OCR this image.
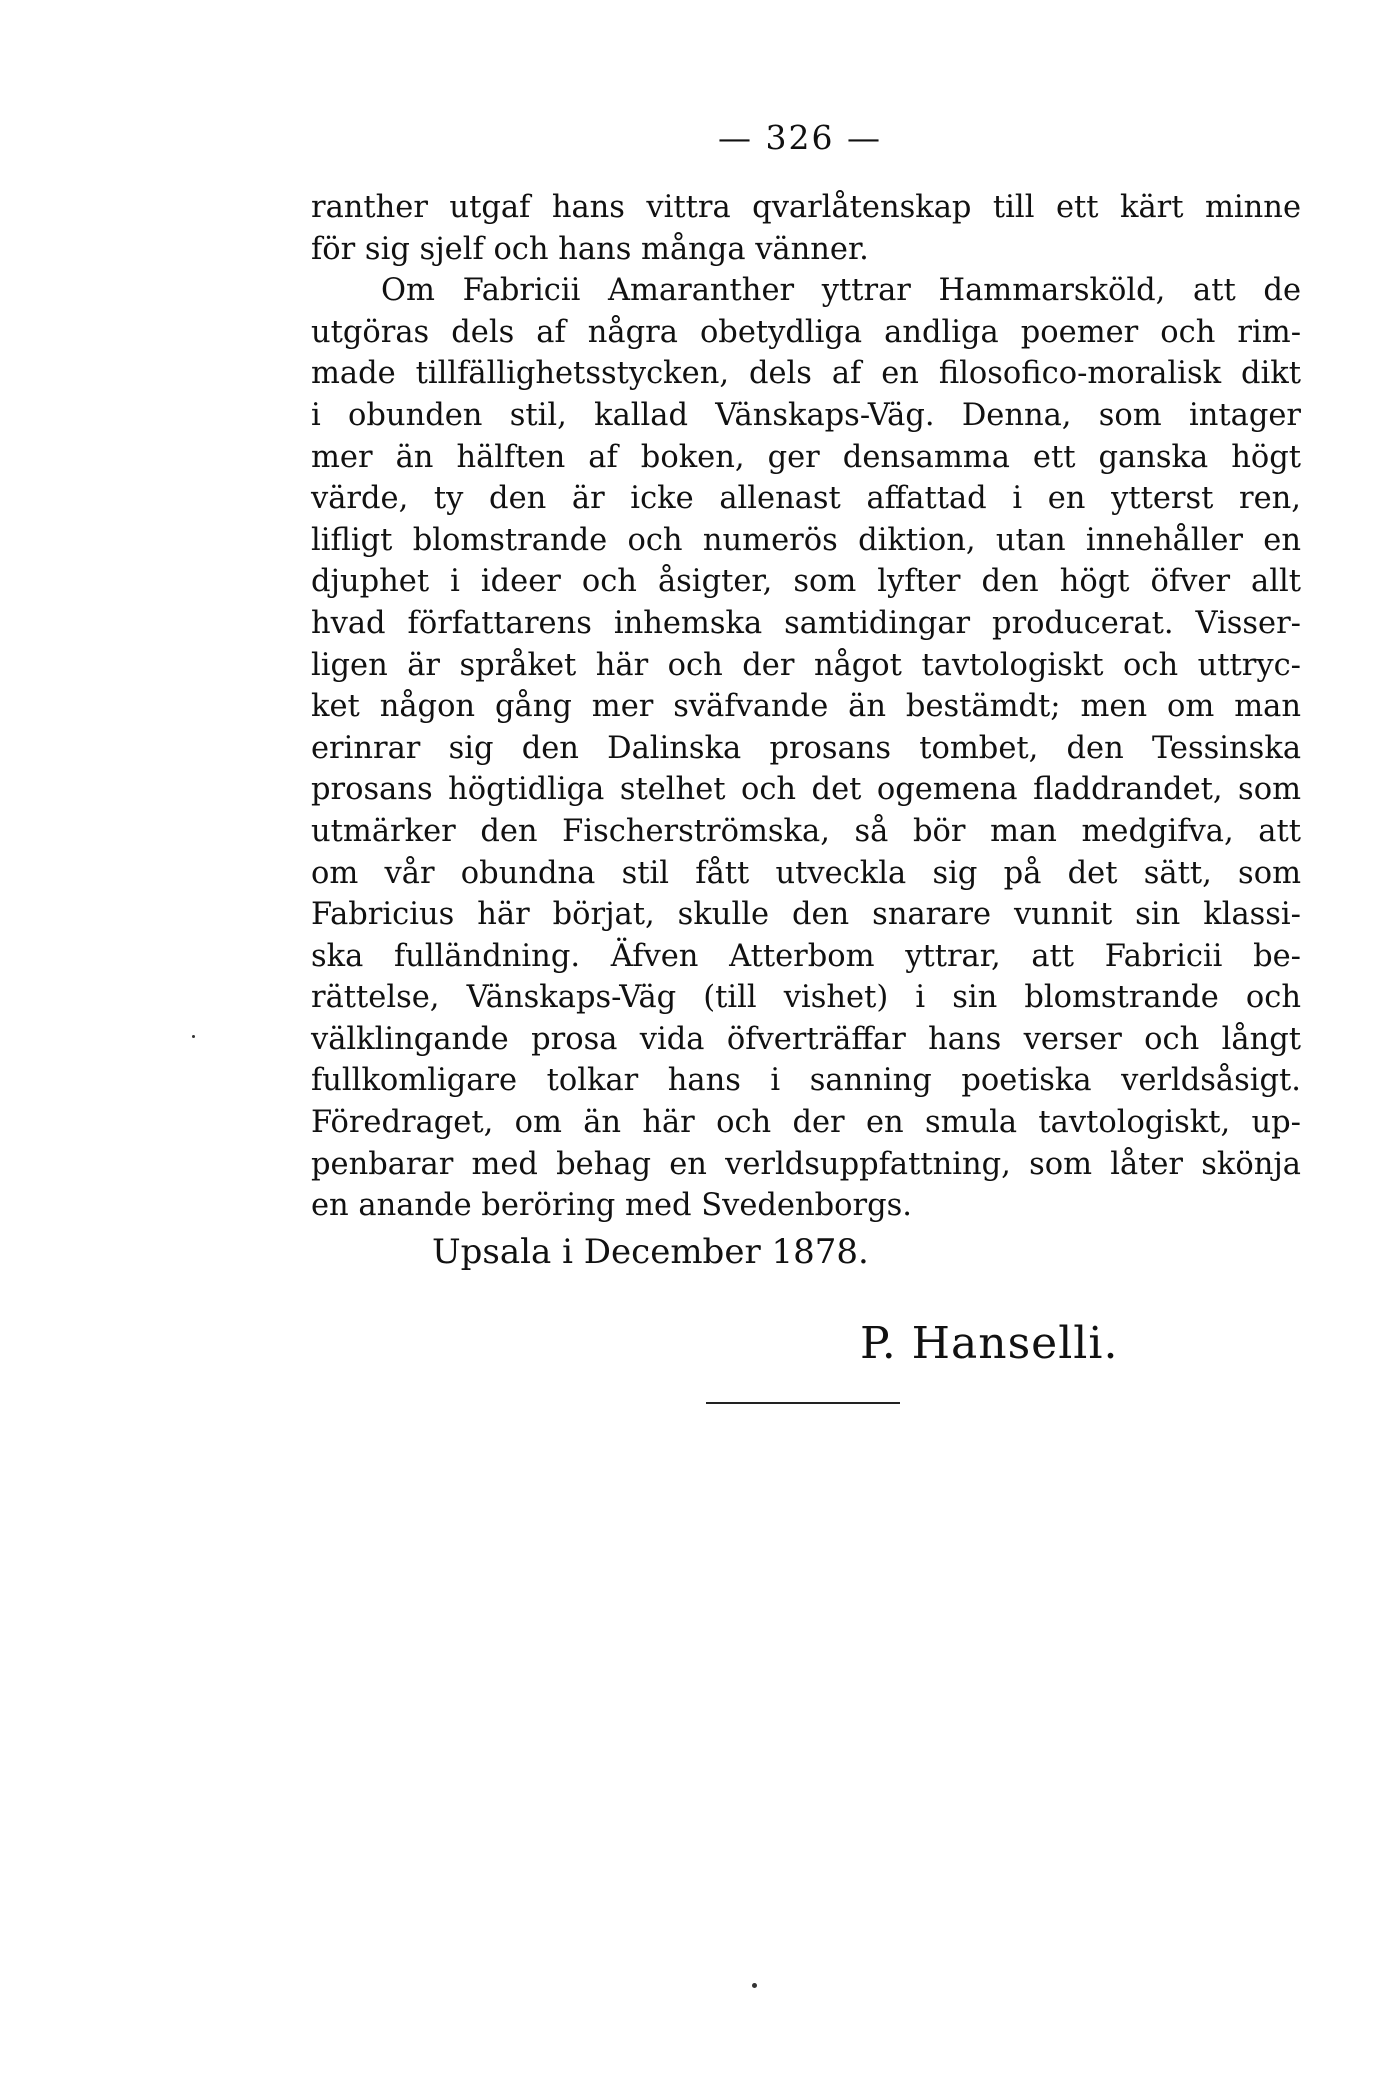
— 326 —
ranther utgaf hans vittra qvarlåtenskap till ett kärt minne
för sig sjelf och hans många vänner.
Om Fabricii Amaranther yttrar Hammarsköld, att de
utgöras dels af några obetydliga andliga poemer och rim-
made tillfällighetsstycken, dels af en filosofico-moralisk dikt
i obunden stil, kallad Vänskaps-Väg. Denna, som intager
mer än hälften af boken, ger densamma ett ganska högt
värde, ty den är icke allenast affattad i en ytterst ren,
lifligt blomstrande och numerös diktion, utan innehåller en
djuphet i ideer och åsigter, som lyfter den högt öfver allt
hvad författarens inhemska samtidingar producerat. Visser-
ligen är språket här och der något tavtologiskt och uttryc-
ket någon gång mer sväfvande än bestämdt; men om man
erinrar sig den Dalinska prosans tombet, den Tessinska
prosans högtidliga stelhet och det ogemena fladdrandet, som
utmärker den Fischerströmska, så bör man medgifva, att
om vår obundna stil fått utveckla sig på det sätt, som
Fabricius här börjat, skulle den snarare vunnit sin klassi-
ska fulländning. Äfven Atterbom yttrar, att Fabricii be-
rättelse, Vänskaps-Väg (till vishet) i sin blomstrande och
välklingande prosa vida öfverträffar hans verser och långt
fullkomligare tolkar hans i sanning poetiska verldsåsigt.
Föredraget, om än här och der en smula tavtologiskt, up-
penbarar med behag en verldsuppfattning, som låter skönja
en anande beröring med Svedenborgs.
Upsala i December 1878.
P. Hanselli.
